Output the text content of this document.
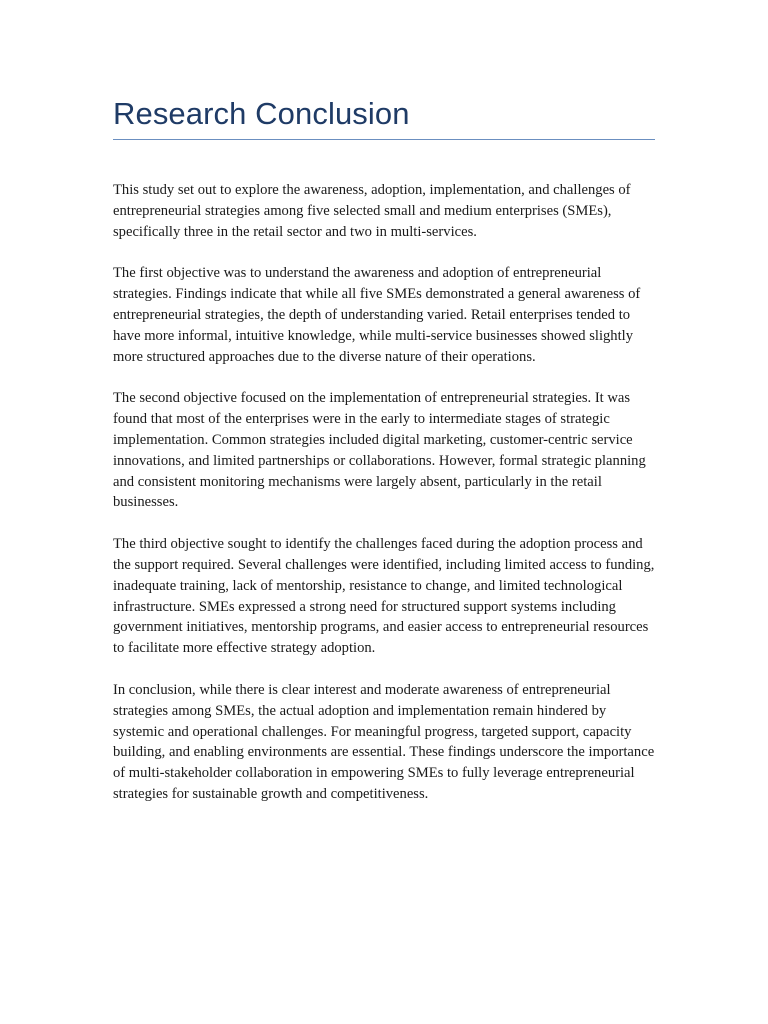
Research Conclusion

This study set out to explore the awareness, adoption, implementation, and challenges of entrepreneurial strategies among five selected small and medium enterprises (SMEs), specifically three in the retail sector and two in multi-services.

The first objective was to understand the awareness and adoption of entrepreneurial strategies. Findings indicate that while all five SMEs demonstrated a general awareness of entrepreneurial strategies, the depth of understanding varied. Retail enterprises tended to have more informal, intuitive knowledge, while multi-service businesses showed slightly more structured approaches due to the diverse nature of their operations.

The second objective focused on the implementation of entrepreneurial strategies. It was found that most of the enterprises were in the early to intermediate stages of strategic implementation. Common strategies included digital marketing, customer-centric service innovations, and limited partnerships or collaborations. However, formal strategic planning and consistent monitoring mechanisms were largely absent, particularly in the retail businesses.

The third objective sought to identify the challenges faced during the adoption process and the support required. Several challenges were identified, including limited access to funding, inadequate training, lack of mentorship, resistance to change, and limited technological infrastructure. SMEs expressed a strong need for structured support systems including government initiatives, mentorship programs, and easier access to entrepreneurial resources to facilitate more effective strategy adoption.

In conclusion, while there is clear interest and moderate awareness of entrepreneurial strategies among SMEs, the actual adoption and implementation remain hindered by systemic and operational challenges. For meaningful progress, targeted support, capacity building, and enabling environments are essential. These findings underscore the importance of multi-stakeholder collaboration in empowering SMEs to fully leverage entrepreneurial strategies for sustainable growth and competitiveness.
